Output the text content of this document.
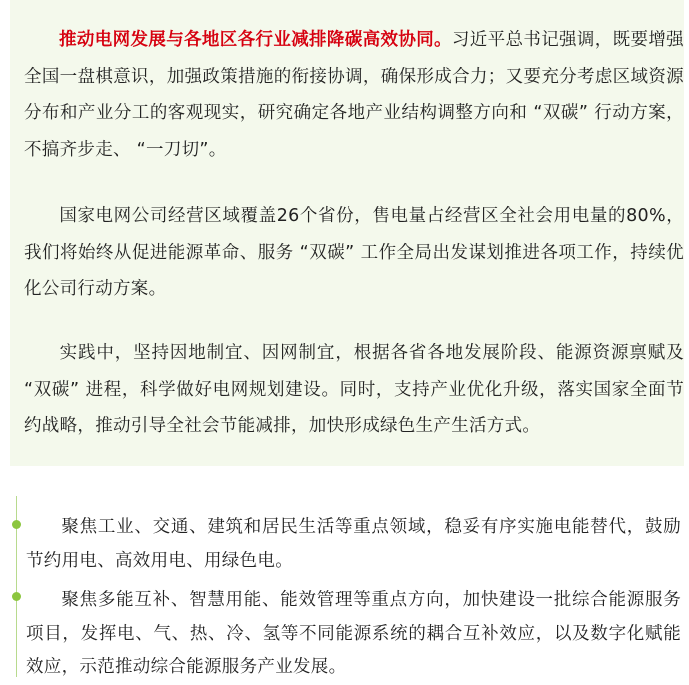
推动电网发展与各地区各行业减排降碳高效协同。习近平总书记强调，既要增强全国一盘棋意识，加强政策措施的衔接协调，确保形成合力；又要充分考虑区域资源分布和产业分工的客观现实，研究确定各地产业结构调整方向和 “双碳” 行动方案，不搞齐步走、 “一刀切”。

国家电网公司经营区域覆盖26个省份，售电量占经营区全社会用电量的80%，我们将始终从促进能源革命、服务 “双碳” 工作全局出发谋划推进各项工作，持续优化公司行动方案。

实践中，坚持因地制宜、因网制宜，根据各省各地发展阶段、能源资源禀赋及 “双碳” 进程，科学做好电网规划建设。同时，支持产业优化升级，落实国家全面节约战略，推动引导全社会节能减排，加快形成绿色生产生活方式。

聚焦工业、交通、建筑和居民生活等重点领域，稳妥有序实施电能替代，鼓励节约用电、高效用电、用绿色电。

聚焦多能互补、智慧用能、能效管理等重点方向，加快建设一批综合能源服务项目，发挥电、气、热、冷、氢等不同能源系统的耦合互补效应，以及数字化赋能效应，示范推动综合能源服务产业发展。
